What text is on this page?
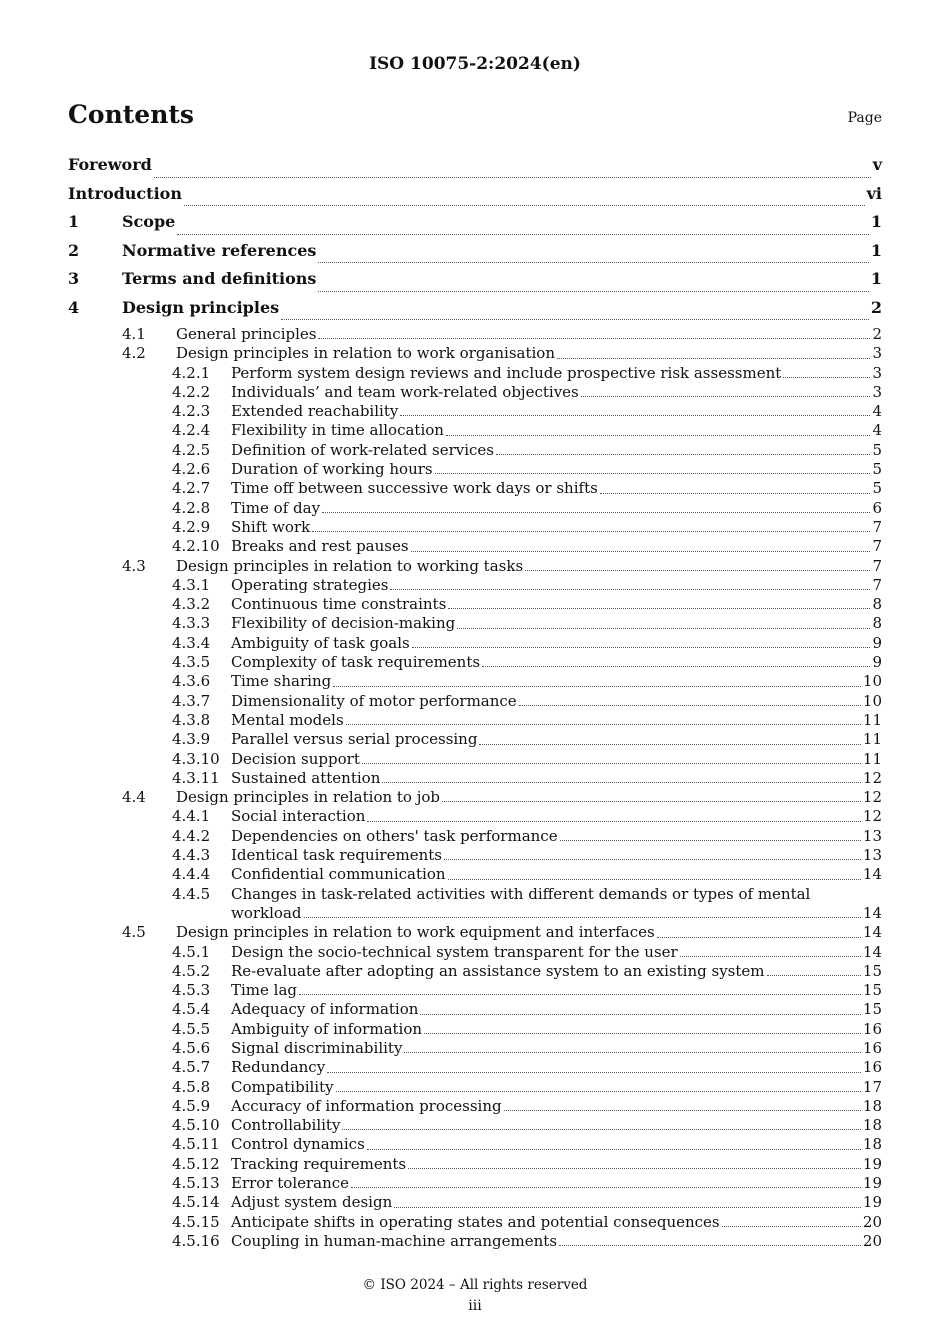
ISO 10075-2:2024(en)
Contents	Page
Foreword	v
Introduction	vi
1	Scope	1
2	Normative references	1
3	Terms and definitions	1
4	Design principles	2
4.1	General principles	2
4.2	Design principles in relation to work organisation	3
4.2.1	Perform system design reviews and include prospective risk assessment	3
4.2.2	Individuals’ and team work-related objectives	3
4.2.3	Extended reachability	4
4.2.4	Flexibility in time allocation	4
4.2.5	Definition of work-related services	5
4.2.6	Duration of working hours	5
4.2.7	Time off between successive work days or shifts	5
4.2.8	Time of day	6
4.2.9	Shift work	7
4.2.10 Breaks and rest pauses	7
4.3	Design principles in relation to working tasks	7
4.3.1	Operating strategies	7
4.3.2	Continuous time constraints	8
4.3.3	Flexibility of decision-making	8
4.3.4	Ambiguity of task goals	9
4.3.5	Complexity of task requirements	9
4.3.6	Time sharing	10
4.3.7	Dimensionality of motor performance	10
4.3.8	Mental models	11
4.3.9	Parallel versus serial processing	11
4.3.10 Decision support	11
4.3.11 Sustained attention	12
4.4	Design principles in relation to job	12
4.4.1	Social interaction	12
4.4.2	Dependencies on others' task performance	13
4.4.3	Identical task requirements	13
4.4.4	Confidential communication	14
4.4.5	Changes in task-related activities with different demands or types of mental
workload	14
4.5	Design principles in relation to work equipment and interfaces	14
4.5.1	Design the socio-technical system transparent for the user	14
4.5.2	Re-evaluate after adopting an assistance system to an existing system	15
4.5.3	Time lag	15
4.5.4	Adequacy of information	15
4.5.5	Ambiguity of information	16
4.5.6	Signal discriminability	16
4.5.7	Redundancy	16
4.5.8	Compatibility	17
4.5.9	Accuracy of information processing	18
4.5.10 Controllability	18
4.5.11 Control dynamics	18
4.5.12 Tracking requirements	19
4.5.13 Error tolerance	19
4.5.14 Adjust system design	19
4.5.15 Anticipate shifts in operating states and potential consequences	20
4.5.16 Coupling in human-machine arrangements	20
© ISO 2024 – All rights reserved
iii
